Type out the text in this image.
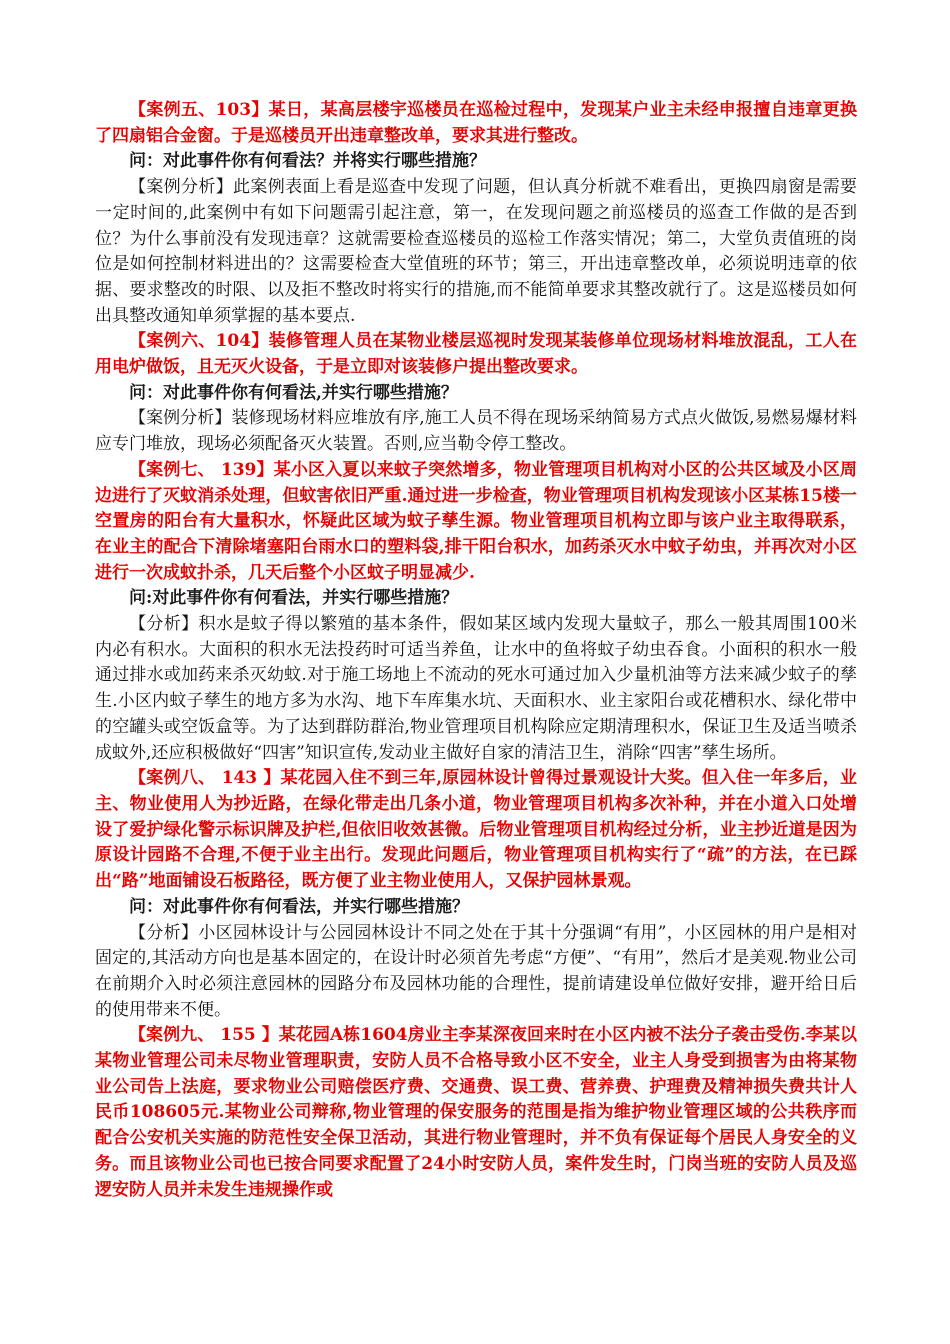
【案例五、103】某日，某高层楼宇巡楼员在巡检过程中，发现某户业主未经申报擅自违章更换了四扇铝合金窗。于是巡楼员开出违章整改单，要求其进行整改。

问：对此事件你有何看法？并将实行哪些措施？

【案例分析】此案例表面上看是巡查中发现了问题，但认真分析就不难看出，更换四扇窗是需要一定时间的,此案例中有如下问题需引起注意，第一，在发现问题之前巡楼员的巡查工作做的是否到位？为什么事前没有发现违章？这就需要检查巡楼员的巡检工作落实情况；第二，大堂负责值班的岗位是如何控制材料进出的？这需要检查大堂值班的环节；第三，开出违章整改单，必须说明违章的依据、要求整改的时限、以及拒不整改时将实行的措施,而不能简单要求其整改就行了。这是巡楼员如何出具整改通知单须掌握的基本要点.

【案例六、104】装修管理人员在某物业楼层巡视时发现某装修单位现场材料堆放混乱，工人在用电炉做饭，且无灭火设备，于是立即对该装修户提出整改要求。

问：对此事件你有何看法,并实行哪些措施？

【案例分析】装修现场材料应堆放有序,施工人员不得在现场采纳简易方式点火做饭,易燃易爆材料应专门堆放，现场必须配备灭火装置。否则,应当勒令停工整改。

【案例七、 139】某小区入夏以来蚊子突然增多，物业管理项目机构对小区的公共区域及小区周边进行了灭蚊消杀处理，但蚊害依旧严重.通过进一步检查，物业管理项目机构发现该小区某栋15楼一空置房的阳台有大量积水，怀疑此区域为蚊子孳生源。物业管理项目机构立即与该户业主取得联系，在业主的配合下清除堵塞阳台雨水口的塑料袋,排干阳台积水，加药杀灭水中蚊子幼虫，并再次对小区进行一次成蚊扑杀，几天后整个小区蚊子明显减少.

问:对此事件你有何看法，并实行哪些措施？

【分析】积水是蚊子得以繁殖的基本条件，假如某区域内发现大量蚊子，那么一般其周围100米内必有积水。大面积的积水无法投药时可适当养鱼，让水中的鱼将蚊子幼虫吞食。小面积的积水一般通过排水或加药来杀灭幼蚊.对于施工场地上不流动的死水可通过加入少量机油等方法来减少蚊子的孳生.小区内蚊子孳生的地方多为水沟、地下车库集水坑、天面积水、业主家阳台或花槽积水、绿化带中的空罐头或空饭盒等。为了达到群防群治,物业管理项目机构除应定期清理积水，保证卫生及适当喷杀成蚊外,还应积极做好“四害”知识宣传,发动业主做好自家的清洁卫生，消除“四害”孳生场所。

【案例八、 143 】某花园入住不到三年,原园林设计曾得过景观设计大奖。但入住一年多后，业主、物业使用人为抄近路，在绿化带走出几条小道，物业管理项目机构多次补种，并在小道入口处增设了爱护绿化警示标识牌及护栏,但依旧收效甚微。后物业管理项目机构经过分析，业主抄近道是因为原设计园路不合理,不便于业主出行。发现此问题后，物业管理项目机构实行了“疏”的方法，在已踩出“路”地面铺设石板路径，既方便了业主物业使用人，又保护园林景观。

问：对此事件你有何看法，并实行哪些措施？

【分析】小区园林设计与公园园林设计不同之处在于其十分强调“有用”，小区园林的用户是相对固定的,其活动方向也是基本固定的，在设计时必须首先考虑“方便”、“有用”，然后才是美观.物业公司在前期介入时必须注意园林的园路分布及园林功能的合理性，提前请建设单位做好安排，避开给日后的使用带来不便。

【案例九、 155 】某花园A栋1604房业主李某深夜回来时在小区内被不法分子袭击受伤.李某以某物业管理公司未尽物业管理职责，安防人员不合格导致小区不安全，业主人身受到损害为由将某物业公司告上法庭，要求物业公司赔偿医疗费、交通费、误工费、营养费、护理费及精神损失费共计人民币108605元.某物业公司辩称,物业管理的保安服务的范围是指为维护物业管理区域的公共秩序而配合公安机关实施的防范性安全保卫活动，其进行物业管理时，并不负有保证每个居民人身安全的义务。而且该物业公司也已按合同要求配置了24小时安防人员，案件发生时，门岗当班的安防人员及巡逻安防人员并未发生违规操作或
